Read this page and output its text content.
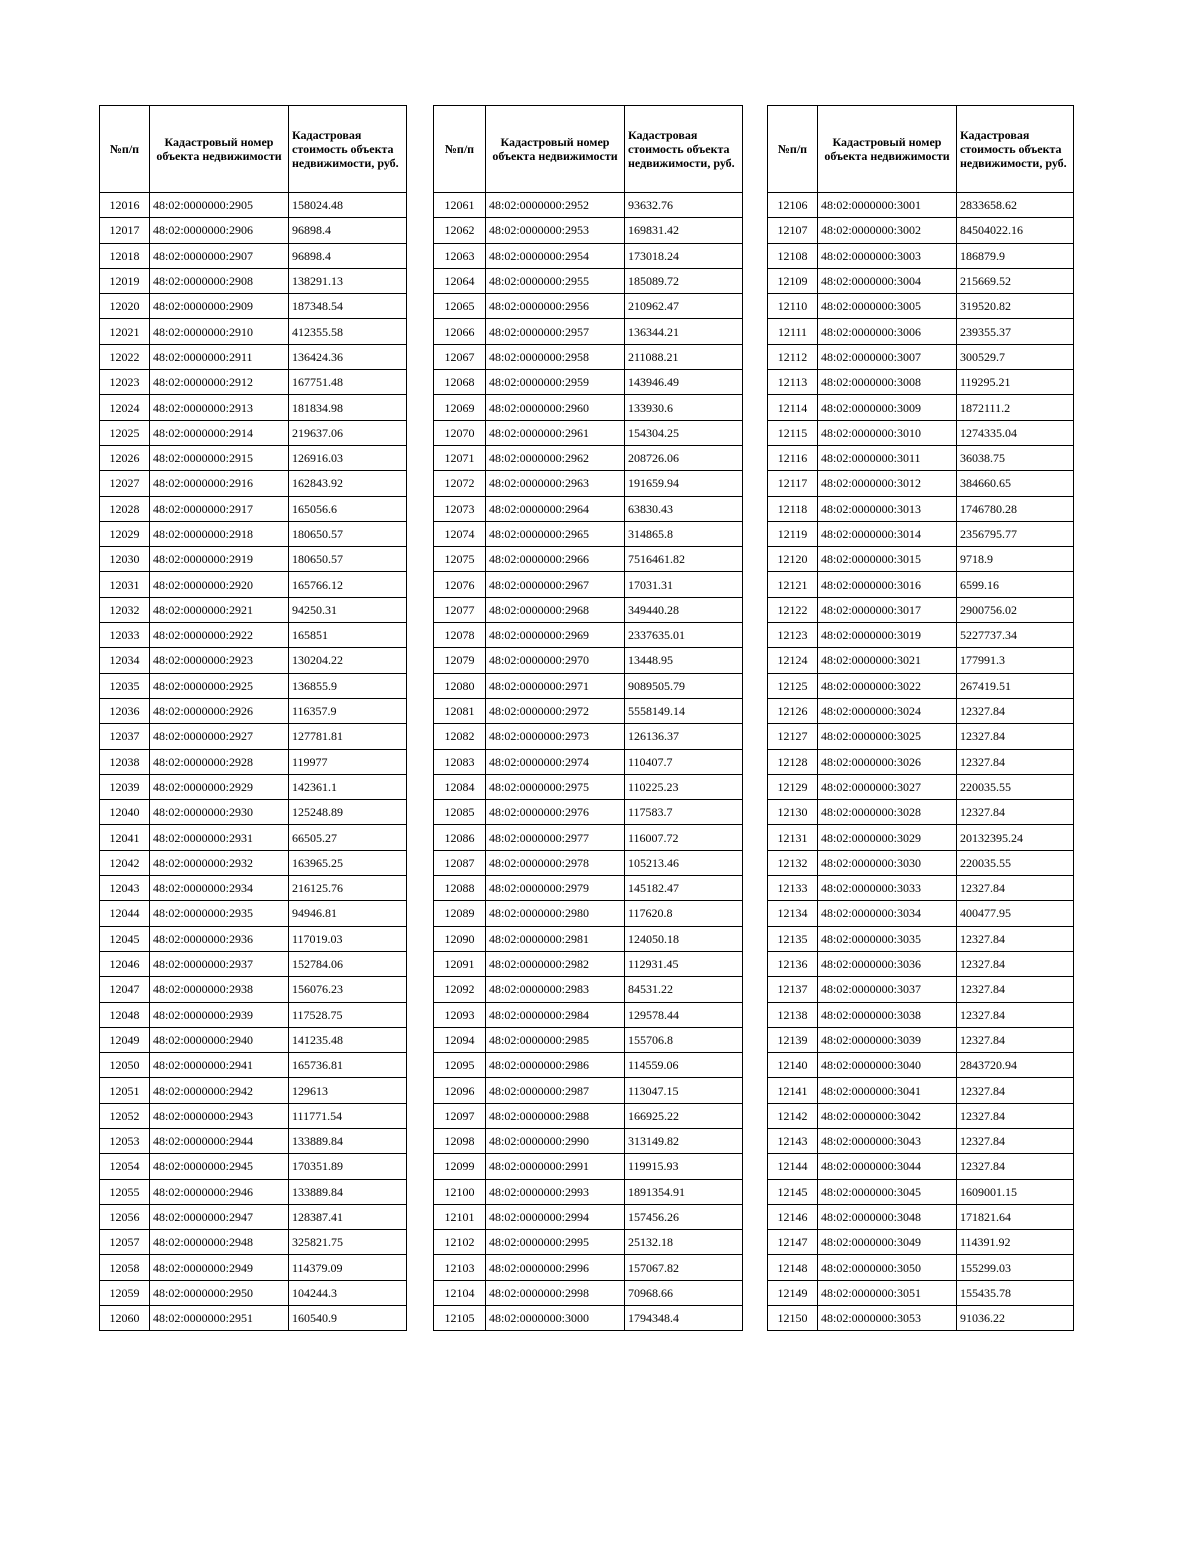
№п/п	Кадастровый номер объекта недвижимости	Кадастровая стоимость объекта недвижимости, руб.
12016	48:02:0000000:2905	158024.48
12017	48:02:0000000:2906	96898.4
12018	48:02:0000000:2907	96898.4
12019	48:02:0000000:2908	138291.13
12020	48:02:0000000:2909	187348.54
12021	48:02:0000000:2910	412355.58
12022	48:02:0000000:2911	136424.36
12023	48:02:0000000:2912	167751.48
12024	48:02:0000000:2913	181834.98
12025	48:02:0000000:2914	219637.06
12026	48:02:0000000:2915	126916.03
12027	48:02:0000000:2916	162843.92
12028	48:02:0000000:2917	165056.6
12029	48:02:0000000:2918	180650.57
12030	48:02:0000000:2919	180650.57
12031	48:02:0000000:2920	165766.12
12032	48:02:0000000:2921	94250.31
12033	48:02:0000000:2922	165851
12034	48:02:0000000:2923	130204.22
12035	48:02:0000000:2925	136855.9
12036	48:02:0000000:2926	116357.9
12037	48:02:0000000:2927	127781.81
12038	48:02:0000000:2928	119977
12039	48:02:0000000:2929	142361.1
12040	48:02:0000000:2930	125248.89
12041	48:02:0000000:2931	66505.27
12042	48:02:0000000:2932	163965.25
12043	48:02:0000000:2934	216125.76
12044	48:02:0000000:2935	94946.81
12045	48:02:0000000:2936	117019.03
12046	48:02:0000000:2937	152784.06
12047	48:02:0000000:2938	156076.23
12048	48:02:0000000:2939	117528.75
12049	48:02:0000000:2940	141235.48
12050	48:02:0000000:2941	165736.81
12051	48:02:0000000:2942	129613
12052	48:02:0000000:2943	111771.54
12053	48:02:0000000:2944	133889.84
12054	48:02:0000000:2945	170351.89
12055	48:02:0000000:2946	133889.84
12056	48:02:0000000:2947	128387.41
12057	48:02:0000000:2948	325821.75
12058	48:02:0000000:2949	114379.09
12059	48:02:0000000:2950	104244.3
12060	48:02:0000000:2951	160540.9
№п/п	Кадастровый номер объекта недвижимости	Кадастровая стоимость объекта недвижимости, руб.
12061	48:02:0000000:2952	93632.76
12062	48:02:0000000:2953	169831.42
12063	48:02:0000000:2954	173018.24
12064	48:02:0000000:2955	185089.72
12065	48:02:0000000:2956	210962.47
12066	48:02:0000000:2957	136344.21
12067	48:02:0000000:2958	211088.21
12068	48:02:0000000:2959	143946.49
12069	48:02:0000000:2960	133930.6
12070	48:02:0000000:2961	154304.25
12071	48:02:0000000:2962	208726.06
12072	48:02:0000000:2963	191659.94
12073	48:02:0000000:2964	63830.43
12074	48:02:0000000:2965	314865.8
12075	48:02:0000000:2966	7516461.82
12076	48:02:0000000:2967	17031.31
12077	48:02:0000000:2968	349440.28
12078	48:02:0000000:2969	2337635.01
12079	48:02:0000000:2970	13448.95
12080	48:02:0000000:2971	9089505.79
12081	48:02:0000000:2972	5558149.14
12082	48:02:0000000:2973	126136.37
12083	48:02:0000000:2974	110407.7
12084	48:02:0000000:2975	110225.23
12085	48:02:0000000:2976	117583.7
12086	48:02:0000000:2977	116007.72
12087	48:02:0000000:2978	105213.46
12088	48:02:0000000:2979	145182.47
12089	48:02:0000000:2980	117620.8
12090	48:02:0000000:2981	124050.18
12091	48:02:0000000:2982	112931.45
12092	48:02:0000000:2983	84531.22
12093	48:02:0000000:2984	129578.44
12094	48:02:0000000:2985	155706.8
12095	48:02:0000000:2986	114559.06
12096	48:02:0000000:2987	113047.15
12097	48:02:0000000:2988	166925.22
12098	48:02:0000000:2990	313149.82
12099	48:02:0000000:2991	119915.93
12100	48:02:0000000:2993	1891354.91
12101	48:02:0000000:2994	157456.26
12102	48:02:0000000:2995	25132.18
12103	48:02:0000000:2996	157067.82
12104	48:02:0000000:2998	70968.66
12105	48:02:0000000:3000	1794348.4
№п/п	Кадастровый номер объекта недвижимости	Кадастровая стоимость объекта недвижимости, руб.
12106	48:02:0000000:3001	2833658.62
12107	48:02:0000000:3002	84504022.16
12108	48:02:0000000:3003	186879.9
12109	48:02:0000000:3004	215669.52
12110	48:02:0000000:3005	319520.82
12111	48:02:0000000:3006	239355.37
12112	48:02:0000000:3007	300529.7
12113	48:02:0000000:3008	119295.21
12114	48:02:0000000:3009	1872111.2
12115	48:02:0000000:3010	1274335.04
12116	48:02:0000000:3011	36038.75
12117	48:02:0000000:3012	384660.65
12118	48:02:0000000:3013	1746780.28
12119	48:02:0000000:3014	2356795.77
12120	48:02:0000000:3015	9718.9
12121	48:02:0000000:3016	6599.16
12122	48:02:0000000:3017	2900756.02
12123	48:02:0000000:3019	5227737.34
12124	48:02:0000000:3021	177991.3
12125	48:02:0000000:3022	267419.51
12126	48:02:0000000:3024	12327.84
12127	48:02:0000000:3025	12327.84
12128	48:02:0000000:3026	12327.84
12129	48:02:0000000:3027	220035.55
12130	48:02:0000000:3028	12327.84
12131	48:02:0000000:3029	20132395.24
12132	48:02:0000000:3030	220035.55
12133	48:02:0000000:3033	12327.84
12134	48:02:0000000:3034	400477.95
12135	48:02:0000000:3035	12327.84
12136	48:02:0000000:3036	12327.84
12137	48:02:0000000:3037	12327.84
12138	48:02:0000000:3038	12327.84
12139	48:02:0000000:3039	12327.84
12140	48:02:0000000:3040	2843720.94
12141	48:02:0000000:3041	12327.84
12142	48:02:0000000:3042	12327.84
12143	48:02:0000000:3043	12327.84
12144	48:02:0000000:3044	12327.84
12145	48:02:0000000:3045	1609001.15
12146	48:02:0000000:3048	171821.64
12147	48:02:0000000:3049	114391.92
12148	48:02:0000000:3050	155299.03
12149	48:02:0000000:3051	155435.78
12150	48:02:0000000:3053	91036.22
